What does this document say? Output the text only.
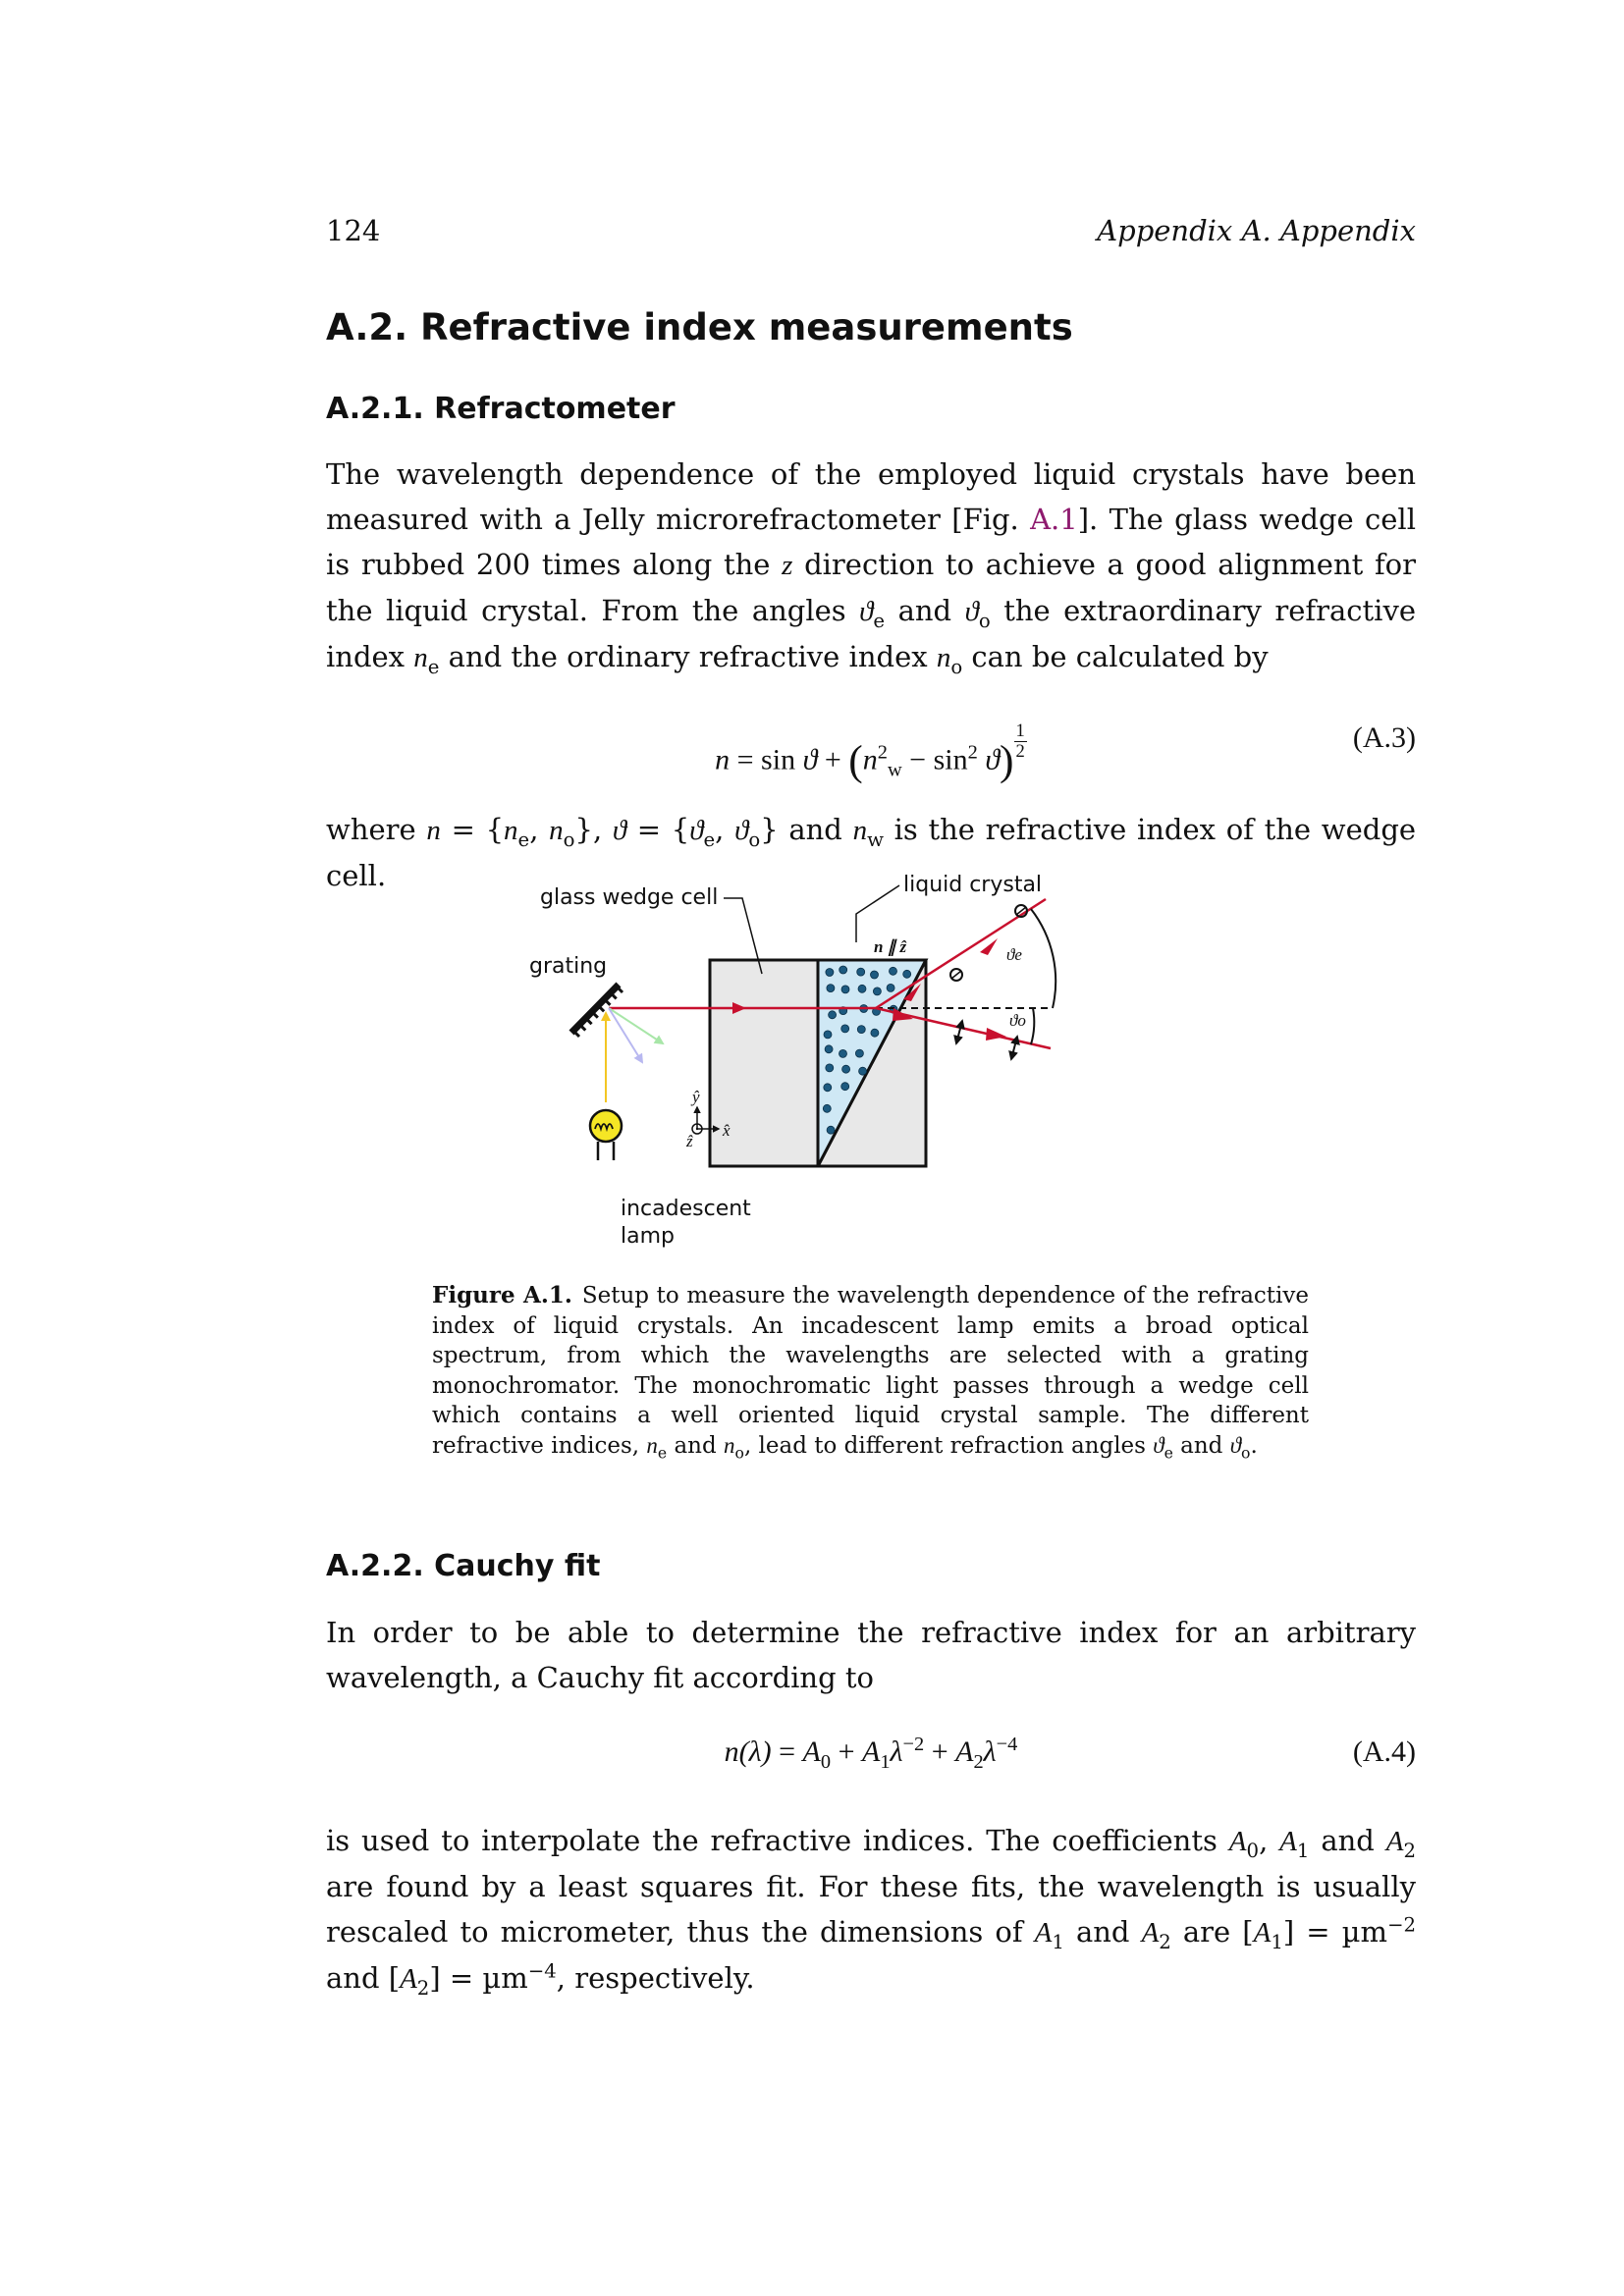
124	Appendix A. Appendix
A.2. Refractive index measurements
A.2.1. Refractometer

The wavelength dependence of the employed liquid crystals have been measured with a Jelly microrefractometer [Fig. A.1]. The glass wedge cell is rubbed 200 times along the z direction to achieve a good alignment for the liquid crystal. From the angles $ϑ_e$ and $ϑ_o$ the extraordinary refractive index $n_e$ and the ordinary refractive index $n_o$ can be calculated by

$n = \sin ϑ + (n^2_w - \sin^2 ϑ) \frac{1}{2}$	(A.3)

where $n = \{n_e$, $n_o$}, $ϑ = \{ϑ_e$, $ϑ_o$} and $n_w$ is the refractive index of the wedge cell.

ϑe
ϑo
ŷ
x̂
ẑ
glass wedge cell
liquid crystal
grating
incadescent
lamp
n ∥ ẑ

Figure A.1. Setup to measure the wavelength dependence of the refractive index of liquid crystals. An incadescent lamp emits a broad optical spectrum, from which the wavelengths are selected with a grating monochromator. The monochromatic light passes through a wedge cell which contains a well oriented liquid crystal sample. The different refractive indices, $n_e$ and $n_o$, lead to different refraction angles $ϑ_e$ and $ϑ_o$.

A.2.2. Cauchy fit

In order to be able to determine the refractive index for an arbitrary wavelength, a Cauchy fit according to

$n(\lambda) = A_0 + A_1\lambda^{-2} + A_2\lambda^{-4}$	(A.4)

is used to interpolate the refractive indices. The coefficients $A_0$, $A_1$ and $A_2$ are found by a least squares fit. For these fits, the wavelength is usually rescaled to micrometer, thus the dimensions of $A_1$ and $A_2$ are $[A_1] = \mu m^{-2}$ and $[A_2] = \mu m^{-4}$, respectively.
